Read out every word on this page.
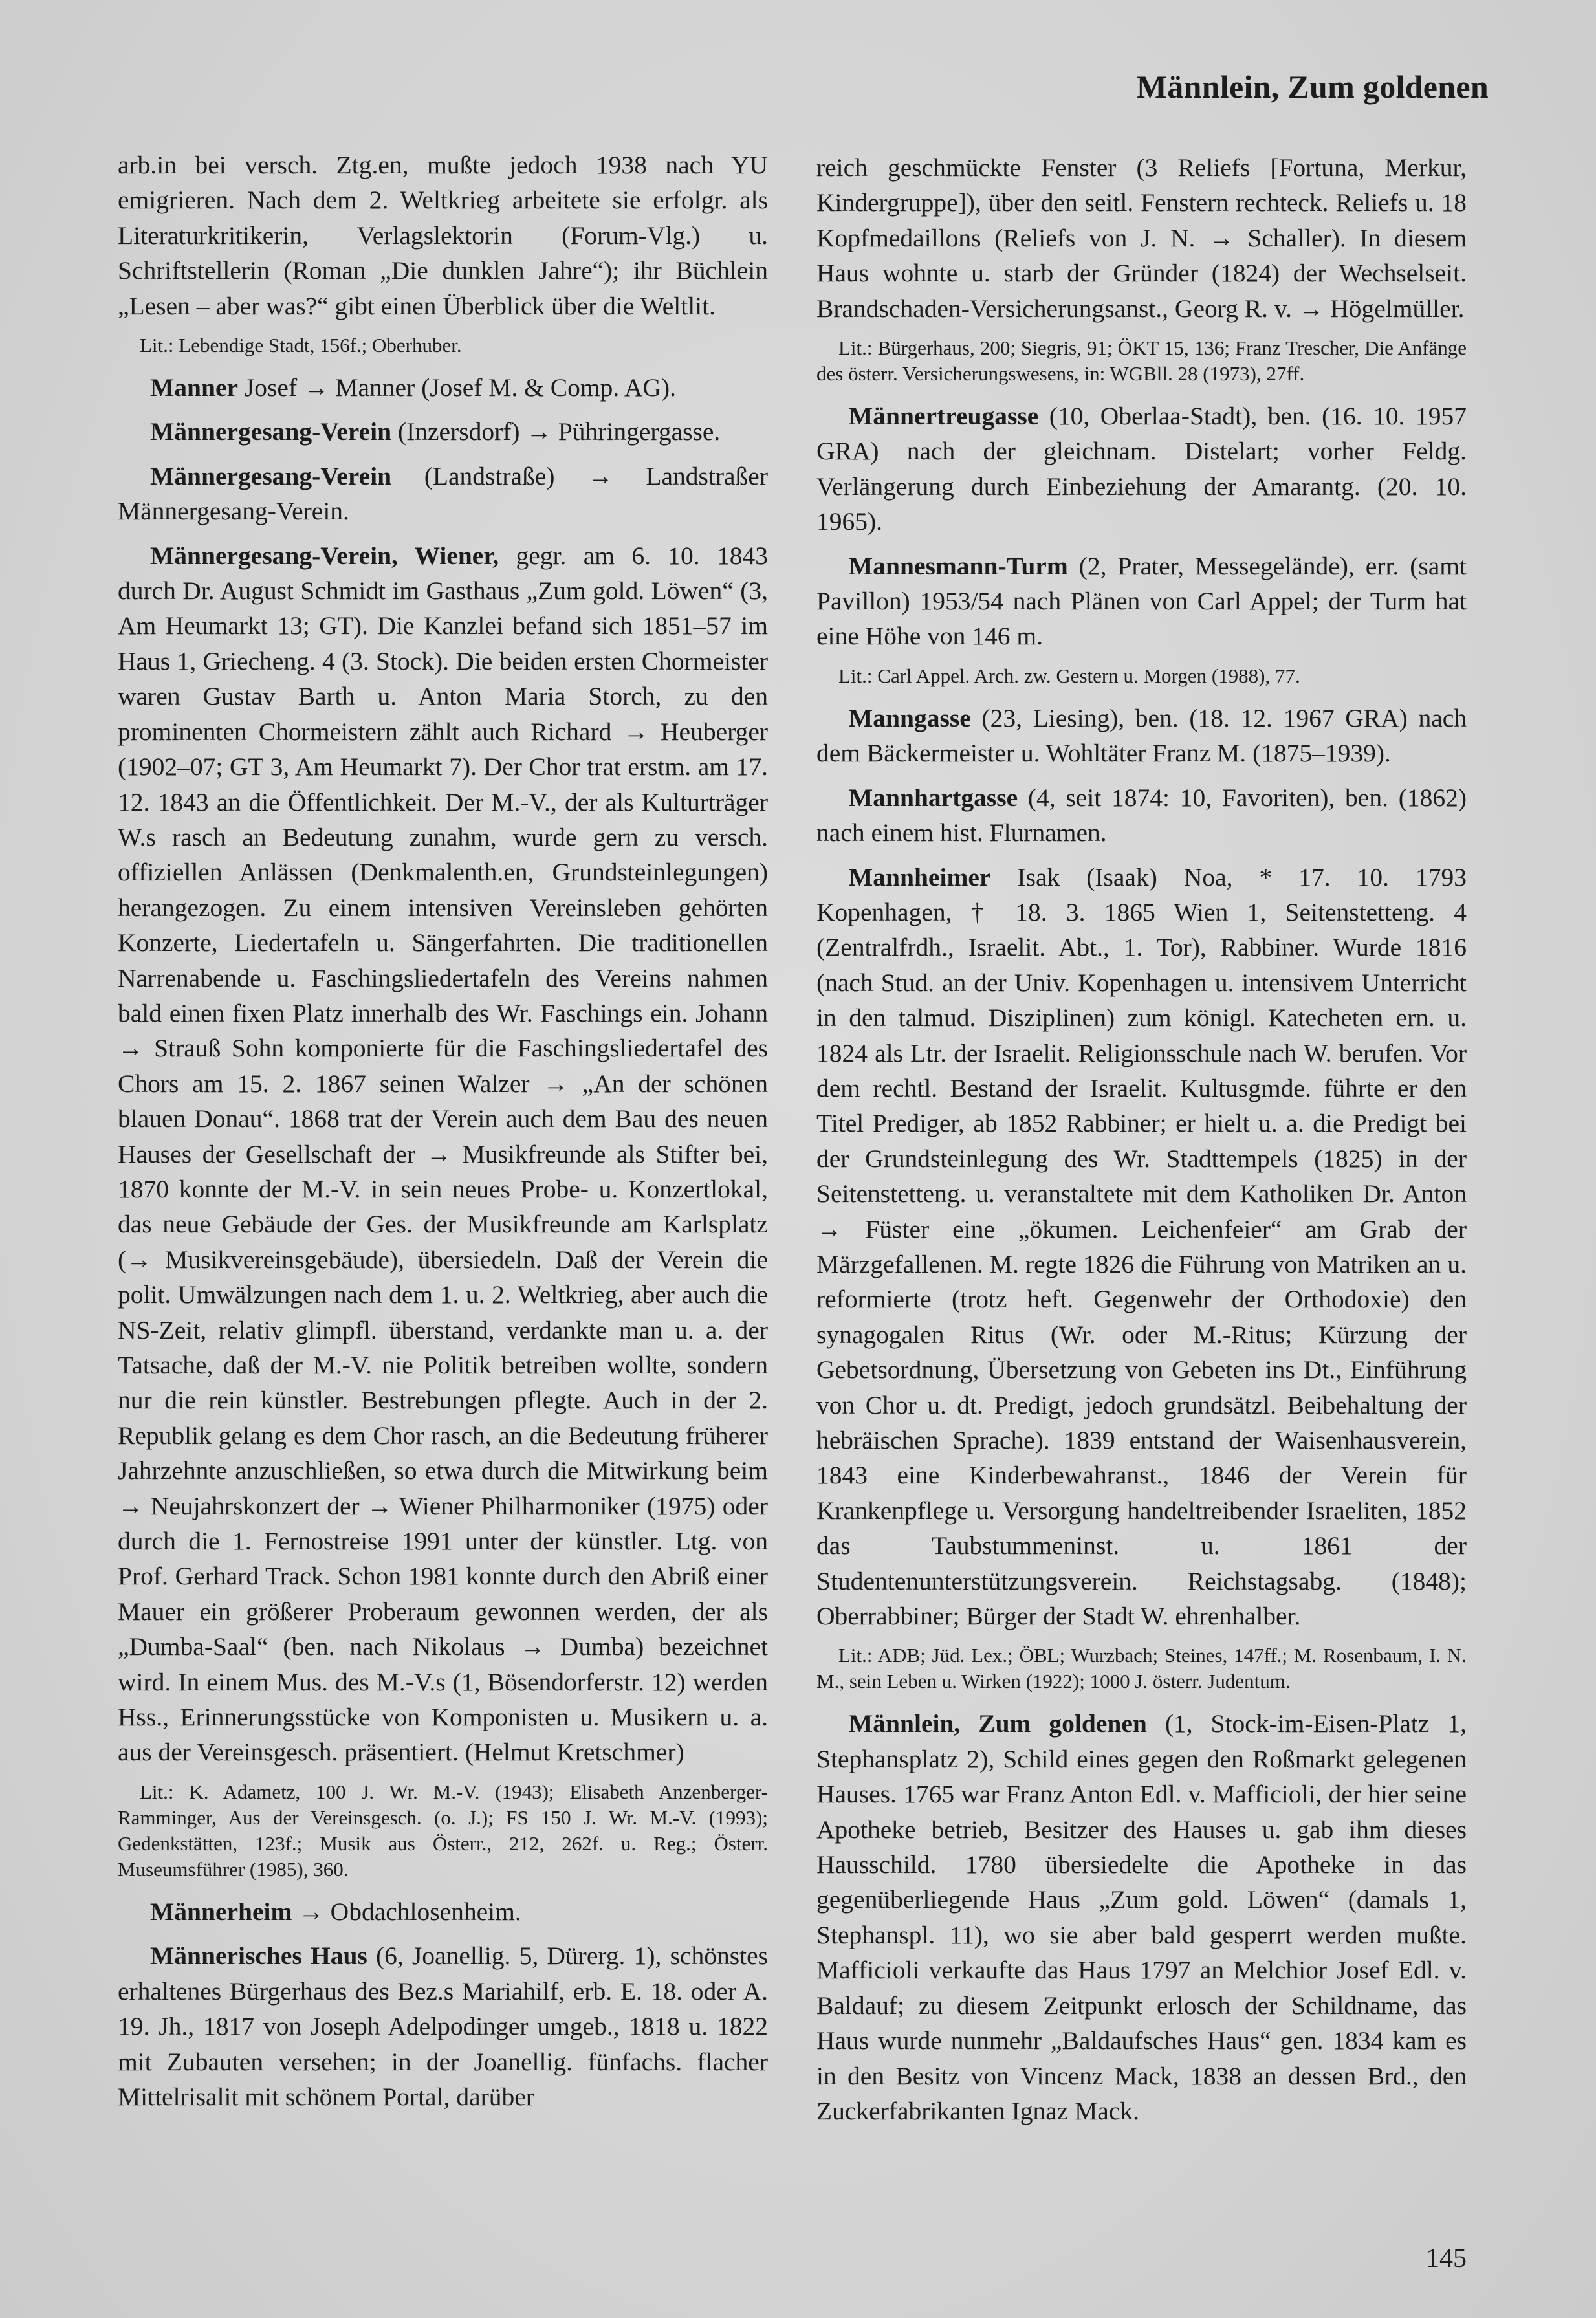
Männlein, Zum goldenen

arb.in bei versch. Ztg.en, mußte jedoch 1938 nach YU emigrieren. Nach dem 2. Weltkrieg arbeitete sie erfolgr. als Literaturkritikerin, Verlagslektorin (Forum-Vlg.) u. Schriftstellerin (Roman „Die dunklen Jahre“); ihr Büchlein „Lesen – aber was?“ gibt einen Überblick über die Weltlit.

Lit.: Lebendige Stadt, 156f.; Oberhuber.

Manner Josef → Manner (Josef M. & Comp. AG).

Männergesang-Verein (Inzersdorf) → Pühringergasse.

Männergesang-Verein (Landstraße) → Landstraßer Männergesang-Verein.

Männergesang-Verein, Wiener, gegr. am 6. 10. 1843 durch Dr. August Schmidt im Gasthaus „Zum gold. Löwen“ (3, Am Heumarkt 13; GT). Die Kanzlei befand sich 1851–57 im Haus 1, Griecheng. 4 (3. Stock). Die beiden ersten Chormeister waren Gustav Barth u. Anton Maria Storch, zu den prominenten Chormeistern zählt auch Richard → Heuberger (1902–07; GT 3, Am Heumarkt 7). Der Chor trat erstm. am 17. 12. 1843 an die Öffentlichkeit. Der M.-V., der als Kulturträger W.s rasch an Bedeutung zunahm, wurde gern zu versch. offiziellen Anlässen (Denkmalenth.en, Grundsteinlegungen) herangezogen. Zu einem intensiven Vereinsleben gehörten Konzerte, Liedertafeln u. Sängerfahrten. Die traditionellen Narrenabende u. Faschingsliedertafeln des Vereins nahmen bald einen fixen Platz innerhalb des Wr. Faschings ein. Johann → Strauß Sohn komponierte für die Faschingsliedertafel des Chors am 15. 2. 1867 seinen Walzer → „An der schönen blauen Donau“. 1868 trat der Verein auch dem Bau des neuen Hauses der Gesellschaft der → Musikfreunde als Stifter bei, 1870 konnte der M.-V. in sein neues Probe- u. Konzertlokal, das neue Gebäude der Ges. der Musikfreunde am Karlsplatz (→ Musikvereinsgebäude), übersiedeln. Daß der Verein die polit. Umwälzungen nach dem 1. u. 2. Weltkrieg, aber auch die NS-Zeit, relativ glimpfl. überstand, verdankte man u. a. der Tatsache, daß der M.-V. nie Politik betreiben wollte, sondern nur die rein künstler. Bestrebungen pflegte. Auch in der 2. Republik gelang es dem Chor rasch, an die Bedeutung früherer Jahrzehnte anzuschließen, so etwa durch die Mitwirkung beim → Neujahrskonzert der → Wiener Philharmoniker (1975) oder durch die 1. Fernostreise 1991 unter der künstler. Ltg. von Prof. Gerhard Track. Schon 1981 konnte durch den Abriß einer Mauer ein größerer Proberaum gewonnen werden, der als „Dumba-Saal“ (ben. nach Nikolaus → Dumba) bezeichnet wird. In einem Mus. des M.-V.s (1, Bösendorferstr. 12) werden Hss., Erinnerungsstücke von Komponisten u. Musikern u. a. aus der Vereinsgesch. präsentiert. (Helmut Kretschmer)

Lit.: K. Adametz, 100 J. Wr. M.-V. (1943); Elisabeth Anzenberger-Ramminger, Aus der Vereinsgesch. (o. J.); FS 150 J. Wr. M.-V. (1993); Gedenkstätten, 123f.; Musik aus Österr., 212, 262f. u. Reg.; Österr. Museumsführer (1985), 360.

Männerheim → Obdachlosenheim.

Männerisches Haus (6, Joanellig. 5, Dürerg. 1), schönstes erhaltenes Bürgerhaus des Bez.s Mariahilf, erb. E. 18. oder A. 19. Jh., 1817 von Joseph Adelpodinger umgeb., 1818 u. 1822 mit Zubauten versehen; in der Joanellig. fünfachs. flacher Mittelrisalit mit schönem Portal, darüber

reich geschmückte Fenster (3 Reliefs [Fortuna, Merkur, Kindergruppe]), über den seitl. Fenstern rechteck. Reliefs u. 18 Kopfmedaillons (Reliefs von J. N. → Schaller). In diesem Haus wohnte u. starb der Gründer (1824) der Wechselseit. Brandschaden-Versicherungsanst., Georg R. v. → Högelmüller.

Lit.: Bürgerhaus, 200; Siegris, 91; ÖKT 15, 136; Franz Trescher, Die Anfänge des österr. Versicherungswesens, in: WGBll. 28 (1973), 27ff.

Männertreugasse (10, Oberlaa-Stadt), ben. (16. 10. 1957 GRA) nach der gleichnam. Distelart; vorher Feldg. Verlängerung durch Einbeziehung der Amarantg. (20. 10. 1965).

Mannesmann-Turm (2, Prater, Messegelände), err. (samt Pavillon) 1953/54 nach Plänen von Carl Appel; der Turm hat eine Höhe von 146 m.

Lit.: Carl Appel. Arch. zw. Gestern u. Morgen (1988), 77.

Manngasse (23, Liesing), ben. (18. 12. 1967 GRA) nach dem Bäckermeister u. Wohltäter Franz M. (1875–1939).

Mannhartgasse (4, seit 1874: 10, Favoriten), ben. (1862) nach einem hist. Flurnamen.

Mannheimer Isak (Isaak) Noa, * 17. 10. 1793 Kopenhagen, † 18. 3. 1865 Wien 1, Seitenstetteng. 4 (Zentralfrdh., Israelit. Abt., 1. Tor), Rabbiner. Wurde 1816 (nach Stud. an der Univ. Kopenhagen u. intensivem Unterricht in den talmud. Disziplinen) zum königl. Katecheten ern. u. 1824 als Ltr. der Israelit. Religionsschule nach W. berufen. Vor dem rechtl. Bestand der Israelit. Kultusgmde. führte er den Titel Prediger, ab 1852 Rabbiner; er hielt u. a. die Predigt bei der Grundsteinlegung des Wr. Stadttempels (1825) in der Seitenstetteng. u. veranstaltete mit dem Katholiken Dr. Anton → Füster eine „ökumen. Leichenfeier“ am Grab der Märzgefallenen. M. regte 1826 die Führung von Matriken an u. reformierte (trotz heft. Gegenwehr der Orthodoxie) den synagogalen Ritus (Wr. oder M.-Ritus; Kürzung der Gebetsordnung, Übersetzung von Gebeten ins Dt., Einführung von Chor u. dt. Predigt, jedoch grundsätzl. Beibehaltung der hebräischen Sprache). 1839 entstand der Waisenhausverein, 1843 eine Kinderbewahranst., 1846 der Verein für Krankenpflege u. Versorgung handeltreibender Israeliten, 1852 das Taubstummeninst. u. 1861 der Studentenunterstützungsverein. Reichstagsabg. (1848); Oberrabbiner; Bürger der Stadt W. ehrenhalber.

Lit.: ADB; Jüd. Lex.; ÖBL; Wurzbach; Steines, 147ff.; M. Rosenbaum, I. N. M., sein Leben u. Wirken (1922); 1000 J. österr. Judentum.

Männlein, Zum goldenen (1, Stock-im-Eisen-Platz 1, Stephansplatz 2), Schild eines gegen den Roßmarkt gelegenen Hauses. 1765 war Franz Anton Edl. v. Mafficioli, der hier seine Apotheke betrieb, Besitzer des Hauses u. gab ihm dieses Hausschild. 1780 übersiedelte die Apotheke in das gegenüberliegende Haus „Zum gold. Löwen“ (damals 1, Stephanspl. 11), wo sie aber bald gesperrt werden mußte. Mafficioli verkaufte das Haus 1797 an Melchior Josef Edl. v. Baldauf; zu diesem Zeitpunkt erlosch der Schildname, das Haus wurde nunmehr „Baldaufsches Haus“ gen. 1834 kam es in den Besitz von Vincenz Mack, 1838 an dessen Brd., den Zuckerfabrikanten Ignaz Mack.

145
